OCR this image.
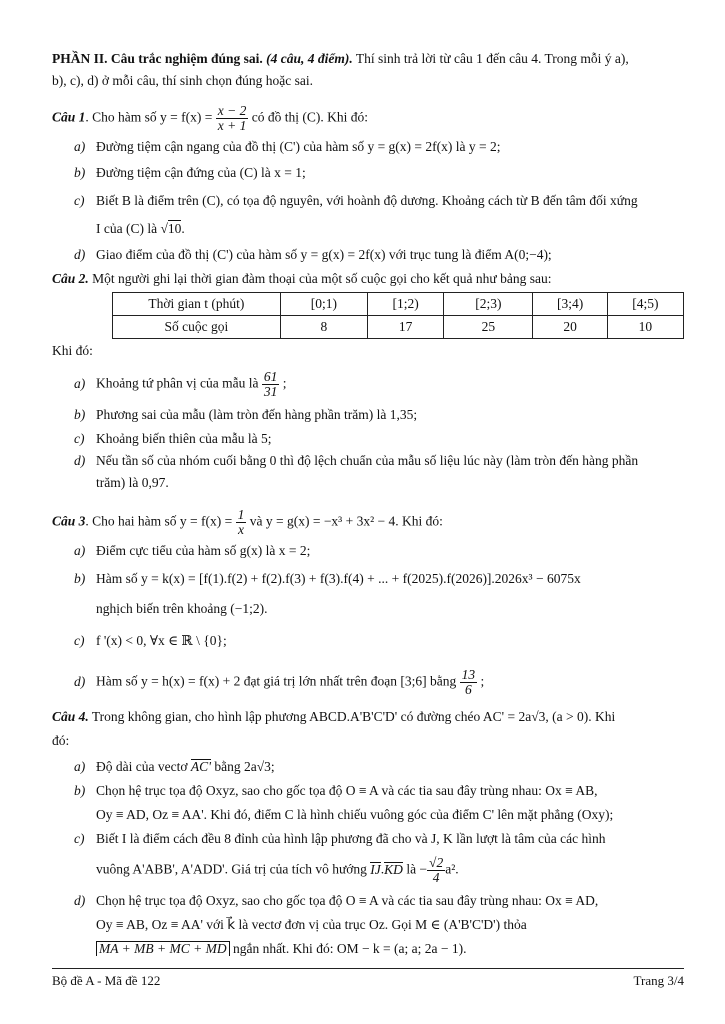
PHẦN II. Câu trắc nghiệm đúng sai. (4 câu, 4 điểm). Thí sinh trả lời từ câu 1 đến câu 4. Trong mỗi ý a),
b), c), d) ở mỗi câu, thí sinh chọn đúng hoặc sai.
Câu 1. Cho hàm số $y = f(x) = \frac{x - 2}{x + 1}$ có đồ thị (C). Khi đó:
a) Đường tiệm cận ngang của đồ thị (C') của hàm số y = g(x) = 2f(x) là y = 2;
b) Đường tiệm cận đứng của (C) là x = 1;
c) Biết B là điểm trên (C), có tọa độ nguyên, với hoành độ dương. Khoảng cách từ B đến tâm đối xứng
I của (C) là √10.
d) Giao điểm của đồ thị (C') của hàm số y = g(x) = 2f(x) với trục tung là điểm A(0;−4);
Câu 2. Một người ghi lại thời gian đàm thoại của một số cuộc gọi cho kết quả như bảng sau:
Thời gian t (phút)	[0;1)	[1;2)	[2;3)	[3;4)	[4;5)
Số cuộc gọi	8	17	25	20	10
Khi đó:
a) Khoảng tứ phân vị của mẫu là $\frac{61}{31}$ ;
b) Phương sai của mẫu (làm tròn đến hàng phần trăm) là 1,35;
c) Khoảng biến thiên của mẫu là 5;
d) Nếu tần số của nhóm cuối bằng 0 thì độ lệch chuẩn của mẫu số liệu lúc này (làm tròn đến hàng phần
trăm) là 0,97.
Câu 3. Cho hai hàm số $y = f(x) = \frac{1}{x}$ và y = g(x) = −x³ + 3x² − 4. Khi đó:
a) Điểm cực tiểu của hàm số g(x) là x = 2;
b) Hàm số y = k(x) = [f(1).f(2) + f(2).f(3) + f(3).f(4) + ... + f(2025).f(2026)].2026x³ − 6075x
nghịch biến trên khoảng (−1;2).
c) f '(x) < 0, ∀x ∈ ℝ \ {0};
d) Hàm số y = h(x) = f(x) + 2 đạt giá trị lớn nhất trên đoạn [3;6] bằng $\frac{13}{6}$ ;
Câu 4. Trong không gian, cho hình lập phương ABCD.A'B'C'D' có đường chéo AC' = 2a√3, (a > 0). Khi
đó:
a) Độ dài của vectơ AC' bằng 2a√3;
b) Chọn hệ trục tọa độ Oxyz, sao cho gốc tọa độ O ≡ A và các tia sau đây trùng nhau: Ox ≡ AB,
Oy ≡ AD, Oz ≡ AA'. Khi đó, điểm C là hình chiếu vuông góc của điểm C' lên mặt phẳng (Oxy);
c) Biết I là điểm cách đều 8 đỉnh của hình lập phương đã cho và J, K lần lượt là tâm của các hình
vuông A'ABB', A'ADD'. Giá trị của tích vô hướng IJ.KD là − $\frac{√2}{4} a^2$.
d) Chọn hệ trục tọa độ Oxyz, sao cho gốc tọa độ O ≡ A và các tia sau đây trùng nhau: Ox ≡ AD,
Oy ≡ AB, Oz ≡ AA' với k⃗ là vectơ đơn vị của trục Oz. Gọi M ∈ (A'B'C'D') thỏa
MA + MB + MC + MD ngắn nhất. Khi đó: OM − k = (a; a; 2a − 1).
Bộ đề A - Mã đề 122	Trang 3/4
